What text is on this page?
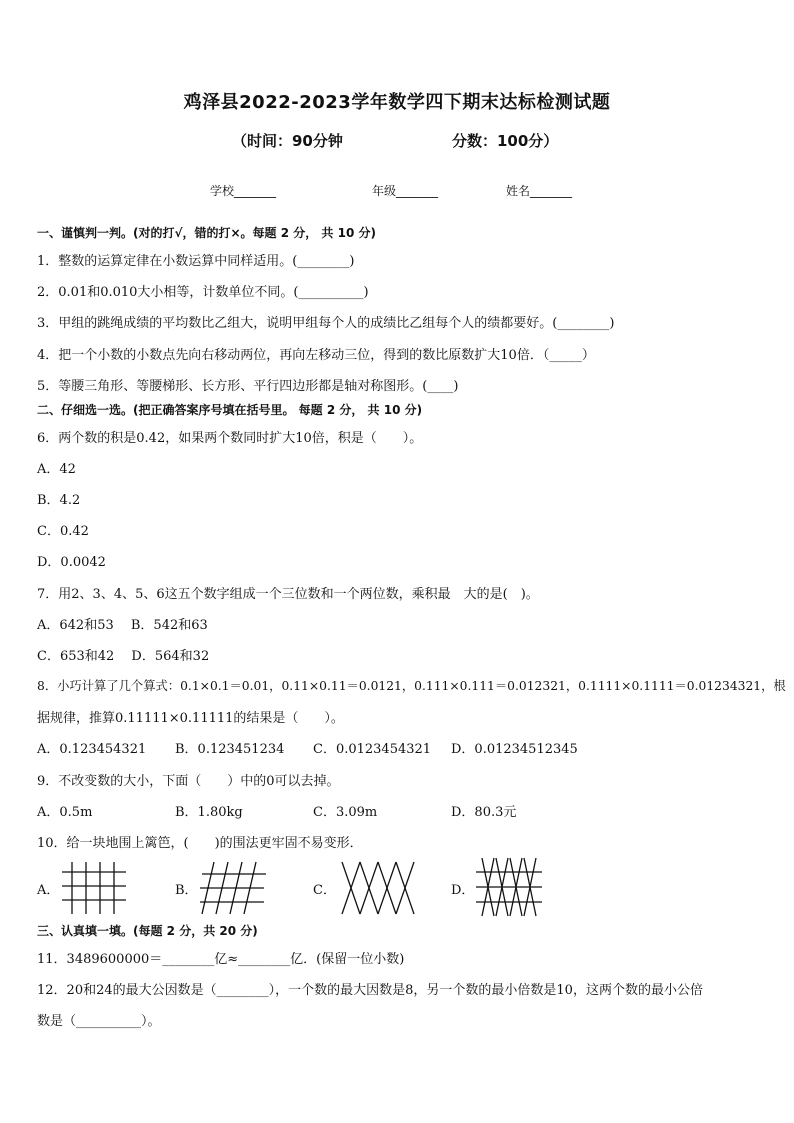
鸡泽县2022-2023学年数学四下期末达标检测试题
（时间：90分钟	分数：100分）
学校_______	年级_______	姓名_______
一、谨慎判一判。(对的打√，错的打×。每题 2 分， 共 10 分)
1．整数的运算定律在小数运算中同样适用。(________)
2．0.01和0.010大小相等，计数单位不同。(__________)
3．甲组的跳绳成绩的平均数比乙组大，说明甲组每个人的成绩比乙组每个人的绩都要好。(________)
4．把一个小数的小数点先向右移动两位，再向左移动三位，得到的数比原数扩大10倍．（_____）
5．等腰三角形、等腰梯形、长方形、平行四边形都是轴对称图形。(____)
二、仔细选一选。(把正确答案序号填在括号里。 每题 2 分， 共 10 分)
6．两个数的积是0.42，如果两个数同时扩大10倍，积是（　　）。
A．42
B．4.2
C．0.42
D．0.0042
7．用2、3、4、5、6这五个数字组成一个三位数和一个两位数，乘积最　大的是(　)。
A．642和53　 B．542和63
C．653和42　 D．564和32
8．小巧计算了几个算式：0.1×0.1＝0.01，0.11×0.11＝0.0121，0.111×0.111＝0.012321，0.1111×0.1111＝0.01234321，根
据规律，推算0.11111×0.11111的结果是（　　）。
A．0.123454321 B．0.123451234 C．0.0123454321 D．0.01234512345
9．不改变数的大小，下面（　　）中的0可以去掉。
A．0.5m	B．1.80kg	C．3.09m	D．80.3元
10．给一块地围上篱笆，(　　)的围法更牢固不易变形．
A．	B．	C．	D．
三、认真填一填。(每题 2 分，共 20 分)
11．3489600000＝________亿≈________亿．(保留一位小数)
12．20和24的最大公因数是（________），一个数的最大因数是8，另一个数的最小倍数是10，这两个数的最小公倍
数是（__________）。
